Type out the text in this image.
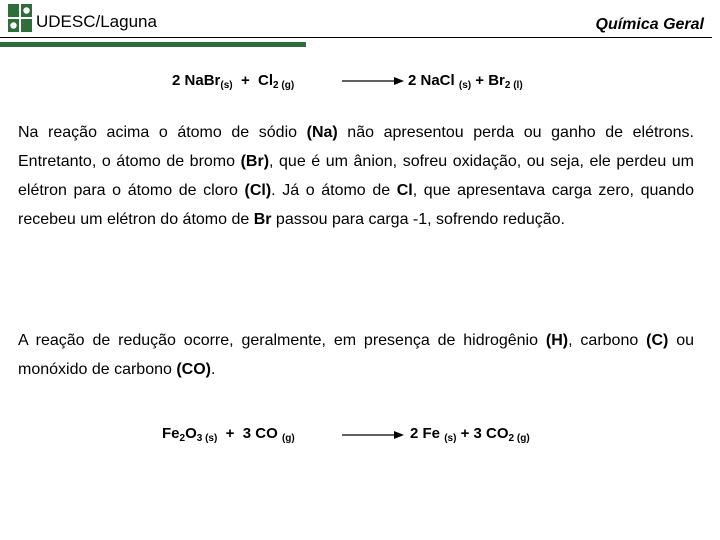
UDESC/Laguna	Química Geral
2 NaBr$_{(s)}$ + $Cl_{2 (g)}$	2 NaCl $_{(s)} + Br_{2 (l)}$
Na reação acima o átomo de sódio (Na) não apresentou perda ou ganho de elétrons. Entretanto, o átomo de bromo (Br), que é um ânion, sofreu oxidação, ou seja, ele perdeu um elétron para o átomo de cloro (Cl). Já o átomo de Cl, que apresentava carga zero, quando recebeu um elétron do átomo de Br passou para carga -1, sofrendo redução.
A reação de redução ocorre, geralmente, em presença de hidrogênio (H), carbono (C) ou monóxido de carbono (CO).
$Fe_2O_{3 (s)} + 3$ CO $_{(g)}$	2 Fe $_{(s)}$ + 3 $CO_{2 (g)}$
